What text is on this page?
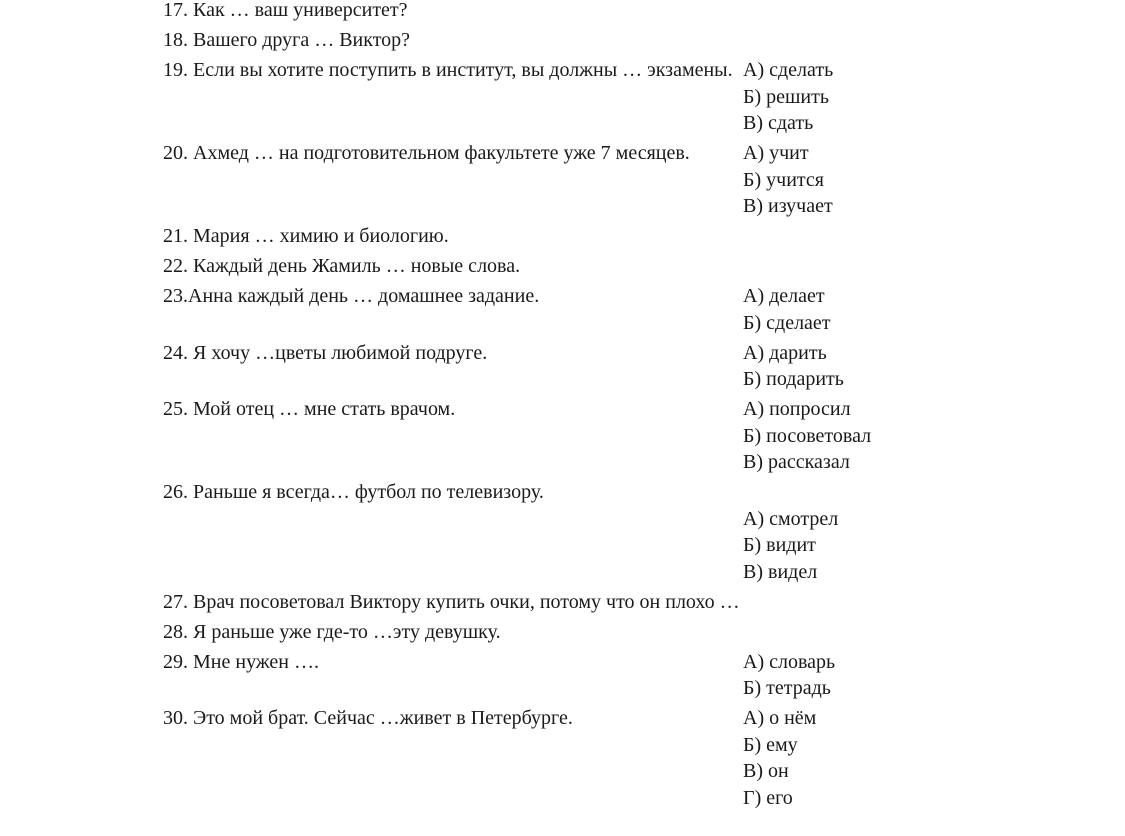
17. Как … ваш университет?
18. Вашего друга … Виктор?
19. Если вы хотите поступить в институт, вы должны … экзамены. А) сделать
Б) решить
В) сдать
20. Ахмед … на подготовительном факультете уже 7 месяцев.	А) учит
Б) учится
В) изучает
21. Мария … химию и биологию.
22. Каждый день Жамиль … новые слова.
23.Анна каждый день … домашнее задание.	А) делает
Б) сделает
24. Я хочу …цветы любимой подруге.	А) дарить
Б) подарить
25. Мой отец … мне стать врачом.	А) попросил
Б) посоветовал
В) рассказал
26. Раньше я всегда… футбол по телевизору.
А) смотрел
Б) видит
В) видел
27. Врач посоветовал Виктору купить очки, потому что он плохо …
28. Я раньше уже где-то …эту девушку.
29. Мне нужен ….	А) словарь
Б) тетрадь
30. Это мой брат. Сейчас …живет в Петербурге.	А) о нём
Б) ему
В) он
Г) его
